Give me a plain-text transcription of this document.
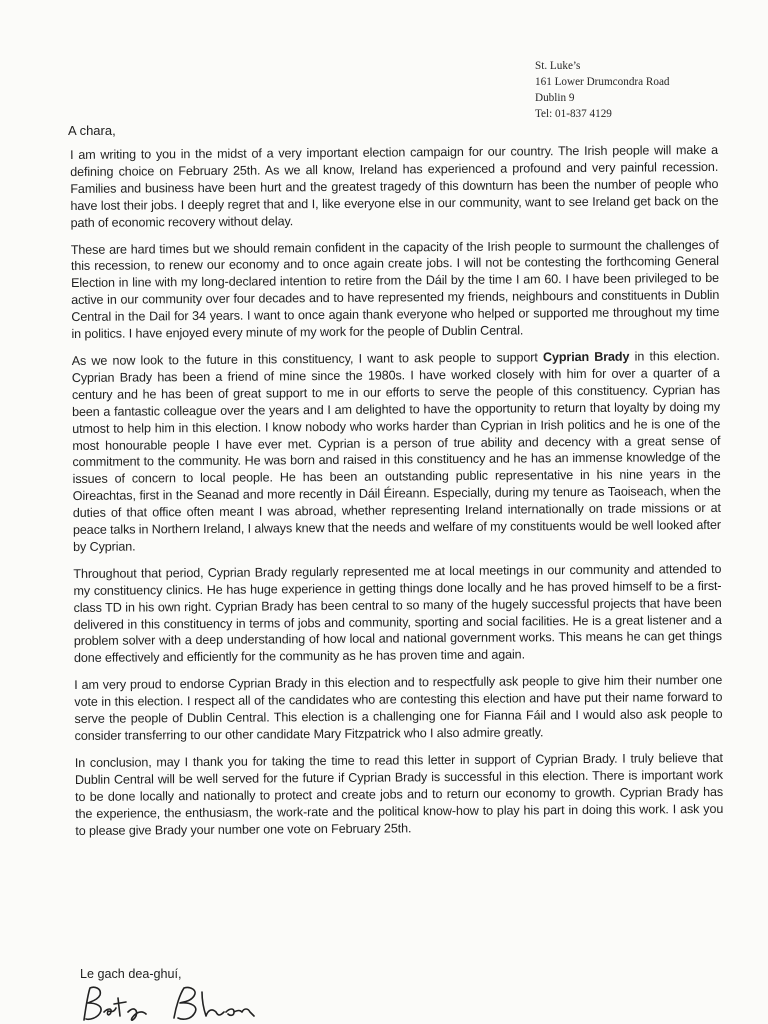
St. Luke’s
161 Lower Drumcondra Road
Dublin 9
Tel: 01-837 4129
A chara,

I am writing to you in the midst of a very important election campaign for our country. The Irish people will make a defining choice on February 25th. As we all know, Ireland has experienced a profound and very painful recession. Families and business have been hurt and the greatest tragedy of this downturn has been the number of people who have lost their jobs. I deeply regret that and I, like everyone else in our community, want to see Ireland get back on the path of economic recovery without delay.

These are hard times but we should remain confident in the capacity of the Irish people to surmount the challenges of this recession, to renew our economy and to once again create jobs. I will not be contesting the forthcoming General Election in line with my long-declared intention to retire from the Dáil by the time I am 60. I have been privileged to be active in our community over four decades and to have represented my friends, neighbours and constituents in Dublin Central in the Dail for 34 years. I want to once again thank everyone who helped or supported me throughout my time in politics. I have enjoyed every minute of my work for the people of Dublin Central.

As we now look to the future in this constituency, I want to ask people to support Cyprian Brady in this election. Cyprian Brady has been a friend of mine since the 1980s. I have worked closely with him for over a quarter of a century and he has been of great support to me in our efforts to serve the people of this constituency. Cyprian has been a fantastic colleague over the years and I am delighted to have the opportunity to return that loyalty by doing my utmost to help him in this election. I know nobody who works harder than Cyprian in Irish politics and he is one of the most honourable people I have ever met. Cyprian is a person of true ability and decency with a great sense of commitment to the community. He was born and raised in this constituency and he has an immense knowledge of the issues of concern to local people. He has been an outstanding public representative in his nine years in the Oireachtas, first in the Seanad and more recently in Dáil Éireann. Especially, during my tenure as Taoiseach, when the duties of that office often meant I was abroad, whether representing Ireland internationally on trade missions or at peace talks in Northern Ireland, I always knew that the needs and welfare of my constituents would be well looked after by Cyprian.

Throughout that period, Cyprian Brady regularly represented me at local meetings in our community and attended to my constituency clinics. He has huge experience in getting things done locally and he has proved himself to be a first-class TD in his own right. Cyprian Brady has been central to so many of the hugely successful projects that have been delivered in this constituency in terms of jobs and community, sporting and social facilities. He is a great listener and a problem solver with a deep understanding of how local and national government works. This means he can get things done effectively and efficiently for the community as he has proven time and again.

I am very proud to endorse Cyprian Brady in this election and to respectfully ask people to give him their number one vote in this election. I respect all of the candidates who are contesting this election and have put their name forward to serve the people of Dublin Central. This election is a challenging one for Fianna Fáil and I would also ask people to consider transferring to our other candidate Mary Fitzpatrick who I also admire greatly.

In conclusion, may I thank you for taking the time to read this letter in support of Cyprian Brady. I truly believe that Dublin Central will be well served for the future if Cyprian Brady is successful in this election. There is important work to be done locally and nationally to protect and create jobs and to return our economy to growth. Cyprian Brady has the experience, the enthusiasm, the work-rate and the political know-how to play his part in doing this work. I ask you to please give Brady your number one vote on February 25th.

Le gach dea-ghuí,
